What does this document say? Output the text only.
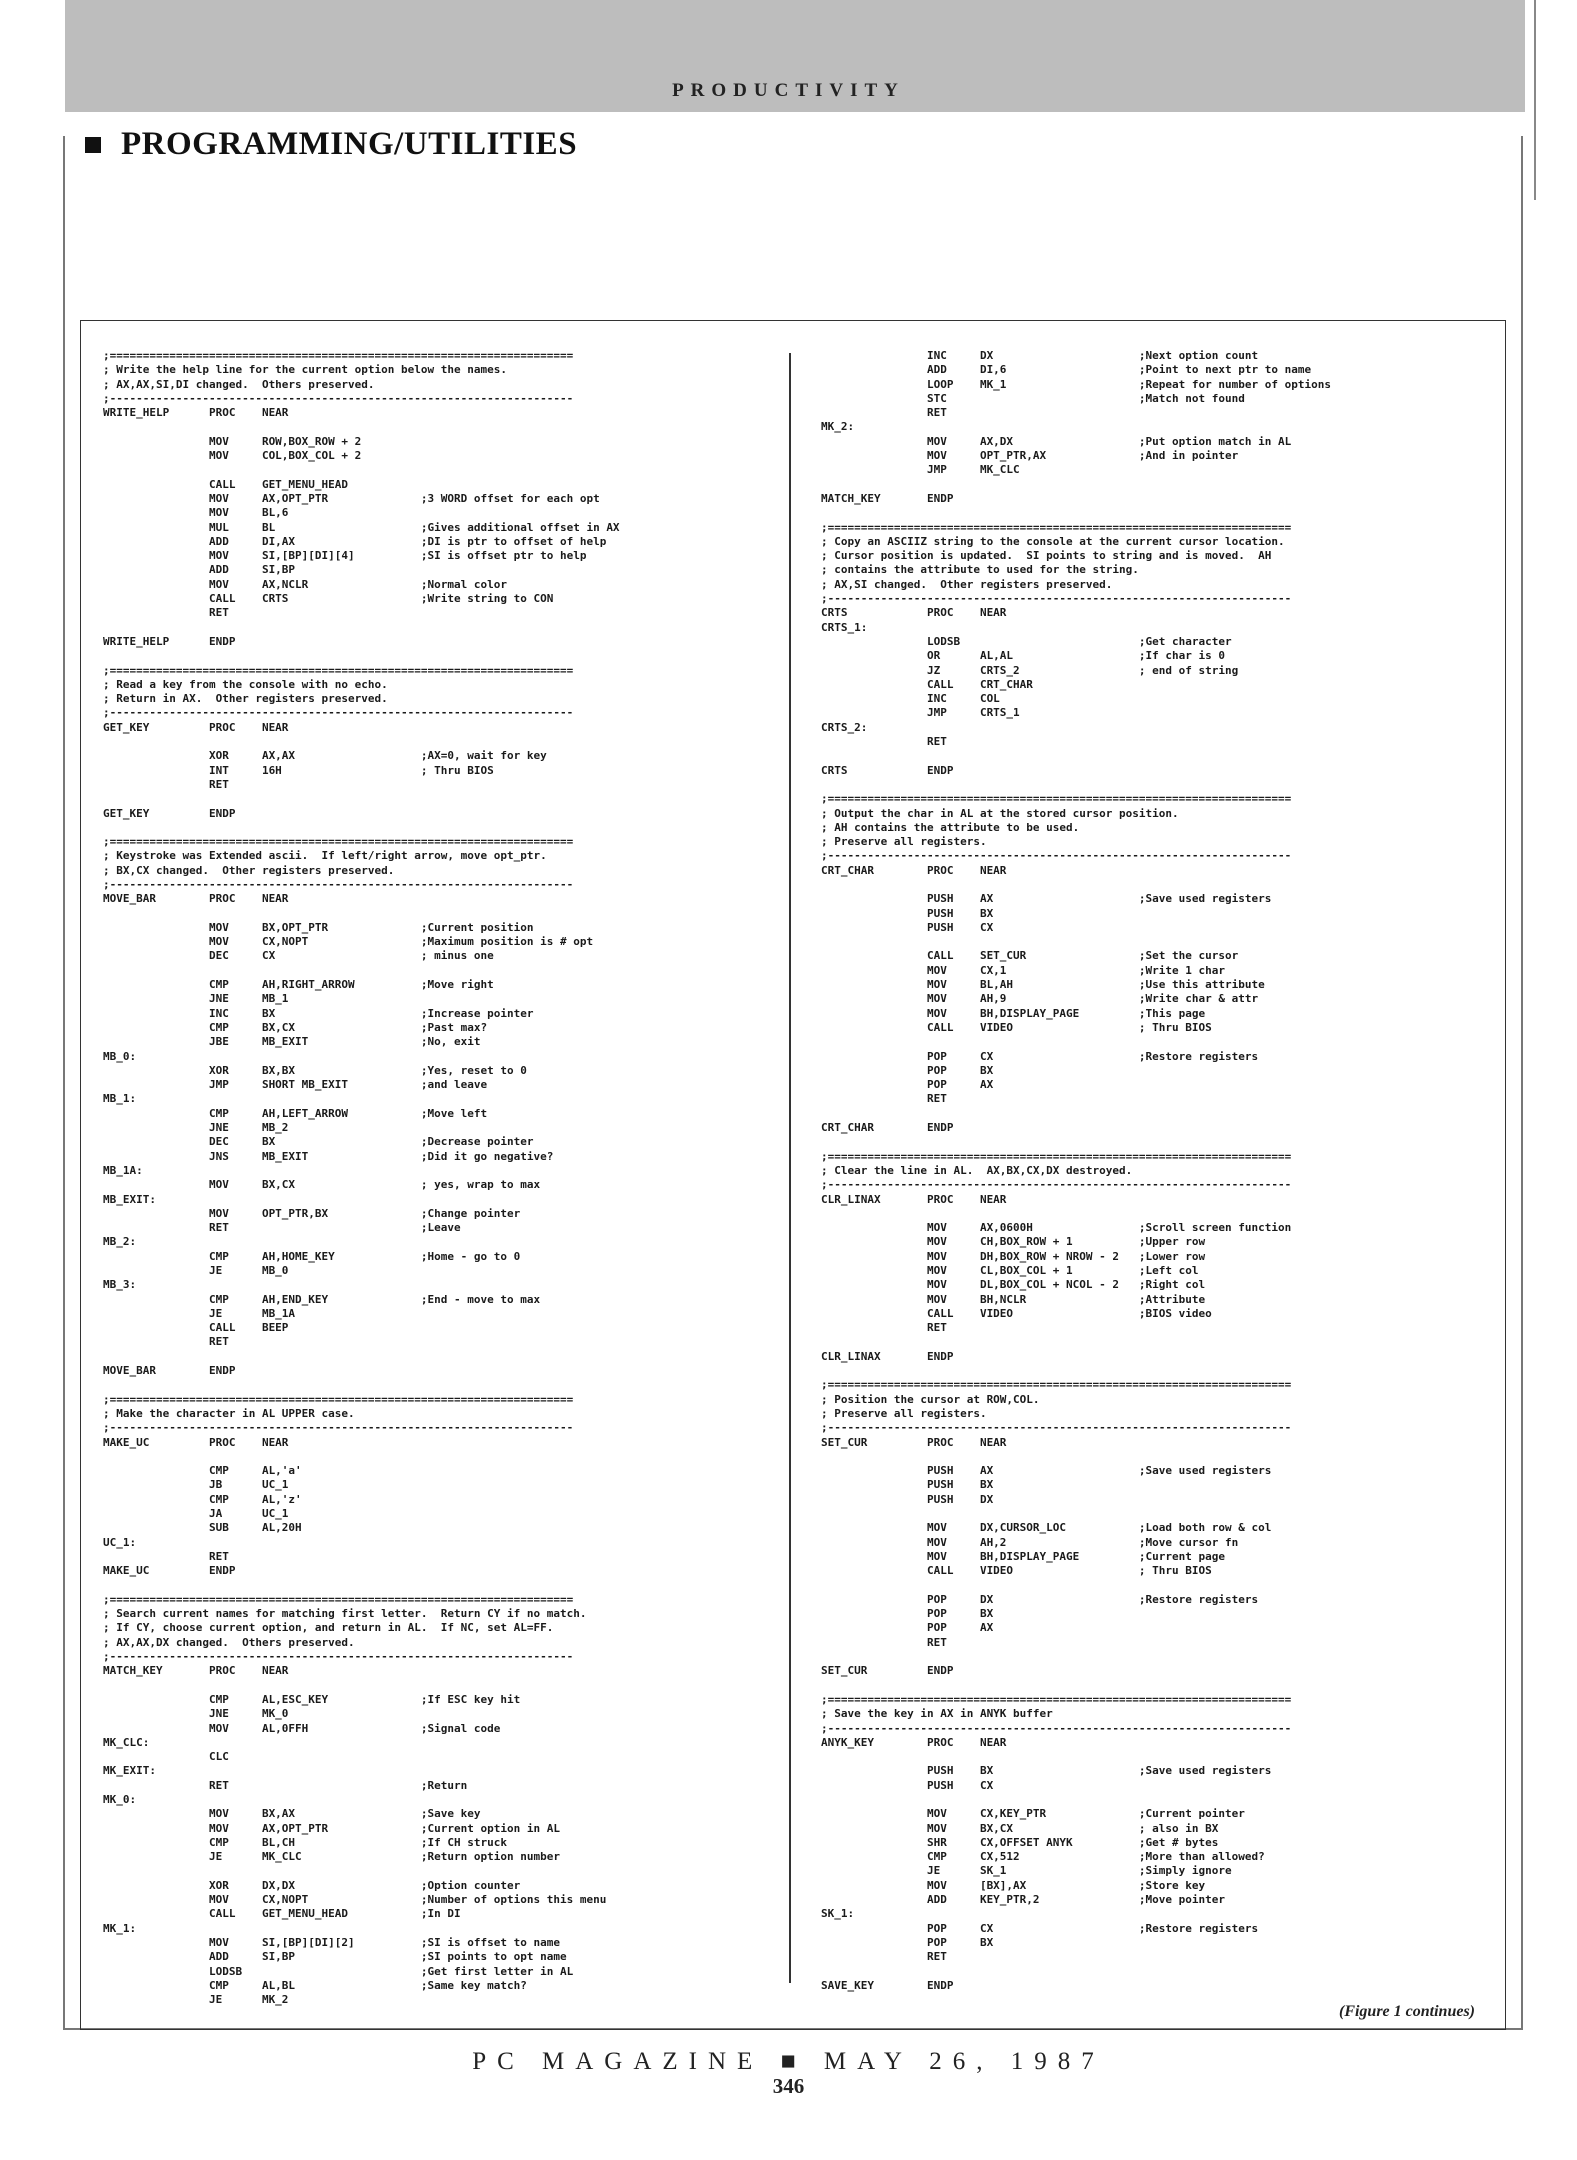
PRODUCTIVITY
PROGRAMMING/UTILITIES
;======================================================================
; Write the help line for the current option below the names.
; AX,AX,SI,DI changed.  Others preserved.
;----------------------------------------------------------------------
WRITE_HELP      PROC    NEAR
MOV     ROW,BOX_ROW + 2
MOV     COL,BOX_COL + 2
CALL    GET_MENU_HEAD
MOV     AX,OPT_PTR              ;3 WORD offset for each opt
MOV     BL,6
MUL     BL                      ;Gives additional offset in AX
ADD     DI,AX                   ;DI is ptr to offset of help
MOV     SI,[BP][DI][4]          ;SI is offset ptr to help
ADD     SI,BP
MOV     AX,NCLR                 ;Normal color
CALL    CRTS                    ;Write string to CON
RET
WRITE_HELP      ENDP
;======================================================================
; Read a key from the console with no echo.
; Return in AX.  Other registers preserved.
;----------------------------------------------------------------------
GET_KEY         PROC    NEAR
XOR     AX,AX                   ;AX=0, wait for key
INT     16H                     ; Thru BIOS
RET
GET_KEY         ENDP
;======================================================================
; Keystroke was Extended ascii.  If left/right arrow, move opt_ptr.
; BX,CX changed.  Other registers preserved.
;----------------------------------------------------------------------
MOVE_BAR        PROC    NEAR
MOV     BX,OPT_PTR              ;Current position
MOV     CX,NOPT                 ;Maximum position is # opt
DEC     CX                      ; minus one
CMP     AH,RIGHT_ARROW          ;Move right
JNE     MB_1
INC     BX                      ;Increase pointer
CMP     BX,CX                   ;Past max?
JBE     MB_EXIT                 ;No, exit
MB_0:
XOR     BX,BX                   ;Yes, reset to 0
JMP     SHORT MB_EXIT           ;and leave
MB_1:
CMP     AH,LEFT_ARROW           ;Move left
JNE     MB_2
DEC     BX                      ;Decrease pointer
JNS     MB_EXIT                 ;Did it go negative?
MB_1A:
MOV     BX,CX                   ; yes, wrap to max
MB_EXIT:
MOV     OPT_PTR,BX              ;Change pointer
RET                             ;Leave
MB_2:
CMP     AH,HOME_KEY             ;Home - go to 0
JE      MB_0
MB_3:
CMP     AH,END_KEY              ;End - move to max
JE      MB_1A
CALL    BEEP
RET
MOVE_BAR        ENDP
;======================================================================
; Make the character in AL UPPER case.
;----------------------------------------------------------------------
MAKE_UC         PROC    NEAR
CMP     AL,'a'
JB      UC_1
CMP     AL,'z'
JA      UC_1
SUB     AL,20H
UC_1:
RET
MAKE_UC         ENDP
;======================================================================
; Search current names for matching first letter.  Return CY if no match.
; If CY, choose current option, and return in AL.  If NC, set AL=FF.
; AX,AX,DX changed.  Others preserved.
;----------------------------------------------------------------------
MATCH_KEY       PROC    NEAR
CMP     AL,ESC_KEY              ;If ESC key hit
JNE     MK_0
MOV     AL,0FFH                 ;Signal code
MK_CLC:
CLC
MK_EXIT:
RET                             ;Return
MK_0:
MOV     BX,AX                   ;Save key
MOV     AX,OPT_PTR              ;Current option in AL
CMP     BL,CH                   ;If CH struck
JE      MK_CLC                  ;Return option number
XOR     DX,DX                   ;Option counter
MOV     CX,NOPT                 ;Number of options this menu
CALL    GET_MENU_HEAD           ;In DI
MK_1:
MOV     SI,[BP][DI][2]          ;SI is offset to name
ADD     SI,BP                   ;SI points to opt name
LODSB                           ;Get first letter in AL
CMP     AL,BL                   ;Same key match?
JE      MK_2
INC     DX                      ;Next option count
ADD     DI,6                    ;Point to next ptr to name
LOOP    MK_1                    ;Repeat for number of options
STC                             ;Match not found
RET
MK_2:
MOV     AX,DX                   ;Put option match in AL
MOV     OPT_PTR,AX              ;And in pointer
JMP     MK_CLC
MATCH_KEY       ENDP
;======================================================================
; Copy an ASCIIZ string to the console at the current cursor location.
; Cursor position is updated.  SI points to string and is moved.  AH
; contains the attribute to used for the string.
; AX,SI changed.  Other registers preserved.
;----------------------------------------------------------------------
CRTS            PROC    NEAR
CRTS_1:
LODSB                           ;Get character
OR      AL,AL                   ;If char is 0
JZ      CRTS_2                  ; end of string
CALL    CRT_CHAR
INC     COL
JMP     CRTS_1
CRTS_2:
RET
CRTS            ENDP
;======================================================================
; Output the char in AL at the stored cursor position.
; AH contains the attribute to be used.
; Preserve all registers.
;----------------------------------------------------------------------
CRT_CHAR        PROC    NEAR
PUSH    AX                      ;Save used registers
PUSH    BX
PUSH    CX
CALL    SET_CUR                 ;Set the cursor
MOV     CX,1                    ;Write 1 char
MOV     BL,AH                   ;Use this attribute
MOV     AH,9                    ;Write char & attr
MOV     BH,DISPLAY_PAGE         ;This page
CALL    VIDEO                   ; Thru BIOS
POP     CX                      ;Restore registers
POP     BX
POP     AX
RET
CRT_CHAR        ENDP
;======================================================================
; Clear the line in AL.  AX,BX,CX,DX destroyed.
;----------------------------------------------------------------------
CLR_LINAX       PROC    NEAR
MOV     AX,0600H                ;Scroll screen function
MOV     CH,BOX_ROW + 1          ;Upper row
MOV     DH,BOX_ROW + NROW - 2   ;Lower row
MOV     CL,BOX_COL + 1          ;Left col
MOV     DL,BOX_COL + NCOL - 2   ;Right col
MOV     BH,NCLR                 ;Attribute
CALL    VIDEO                   ;BIOS video
RET
CLR_LINAX       ENDP
;======================================================================
; Position the cursor at ROW,COL.
; Preserve all registers.
;----------------------------------------------------------------------
SET_CUR         PROC    NEAR
PUSH    AX                      ;Save used registers
PUSH    BX
PUSH    DX
MOV     DX,CURSOR_LOC           ;Load both row & col
MOV     AH,2                    ;Move cursor fn
MOV     BH,DISPLAY_PAGE         ;Current page
CALL    VIDEO                   ; Thru BIOS
POP     DX                      ;Restore registers
POP     BX
POP     AX
RET
SET_CUR         ENDP
;======================================================================
; Save the key in AX in ANYK buffer
;----------------------------------------------------------------------
ANYK_KEY        PROC    NEAR
PUSH    BX                      ;Save used registers
PUSH    CX
MOV     CX,KEY_PTR              ;Current pointer
MOV     BX,CX                   ; also in BX
SHR     CX,OFFSET ANYK          ;Get # bytes
CMP     CX,512                  ;More than allowed?
JE      SK_1                    ;Simply ignore
MOV     [BX],AX                 ;Store key
ADD     KEY_PTR,2               ;Move pointer
SK_1:
POP     CX                      ;Restore registers
POP     BX
RET
SAVE_KEY        ENDP
(Figure 1 continues)
PC MAGAZINE ■ MAY 26, 1987
346
